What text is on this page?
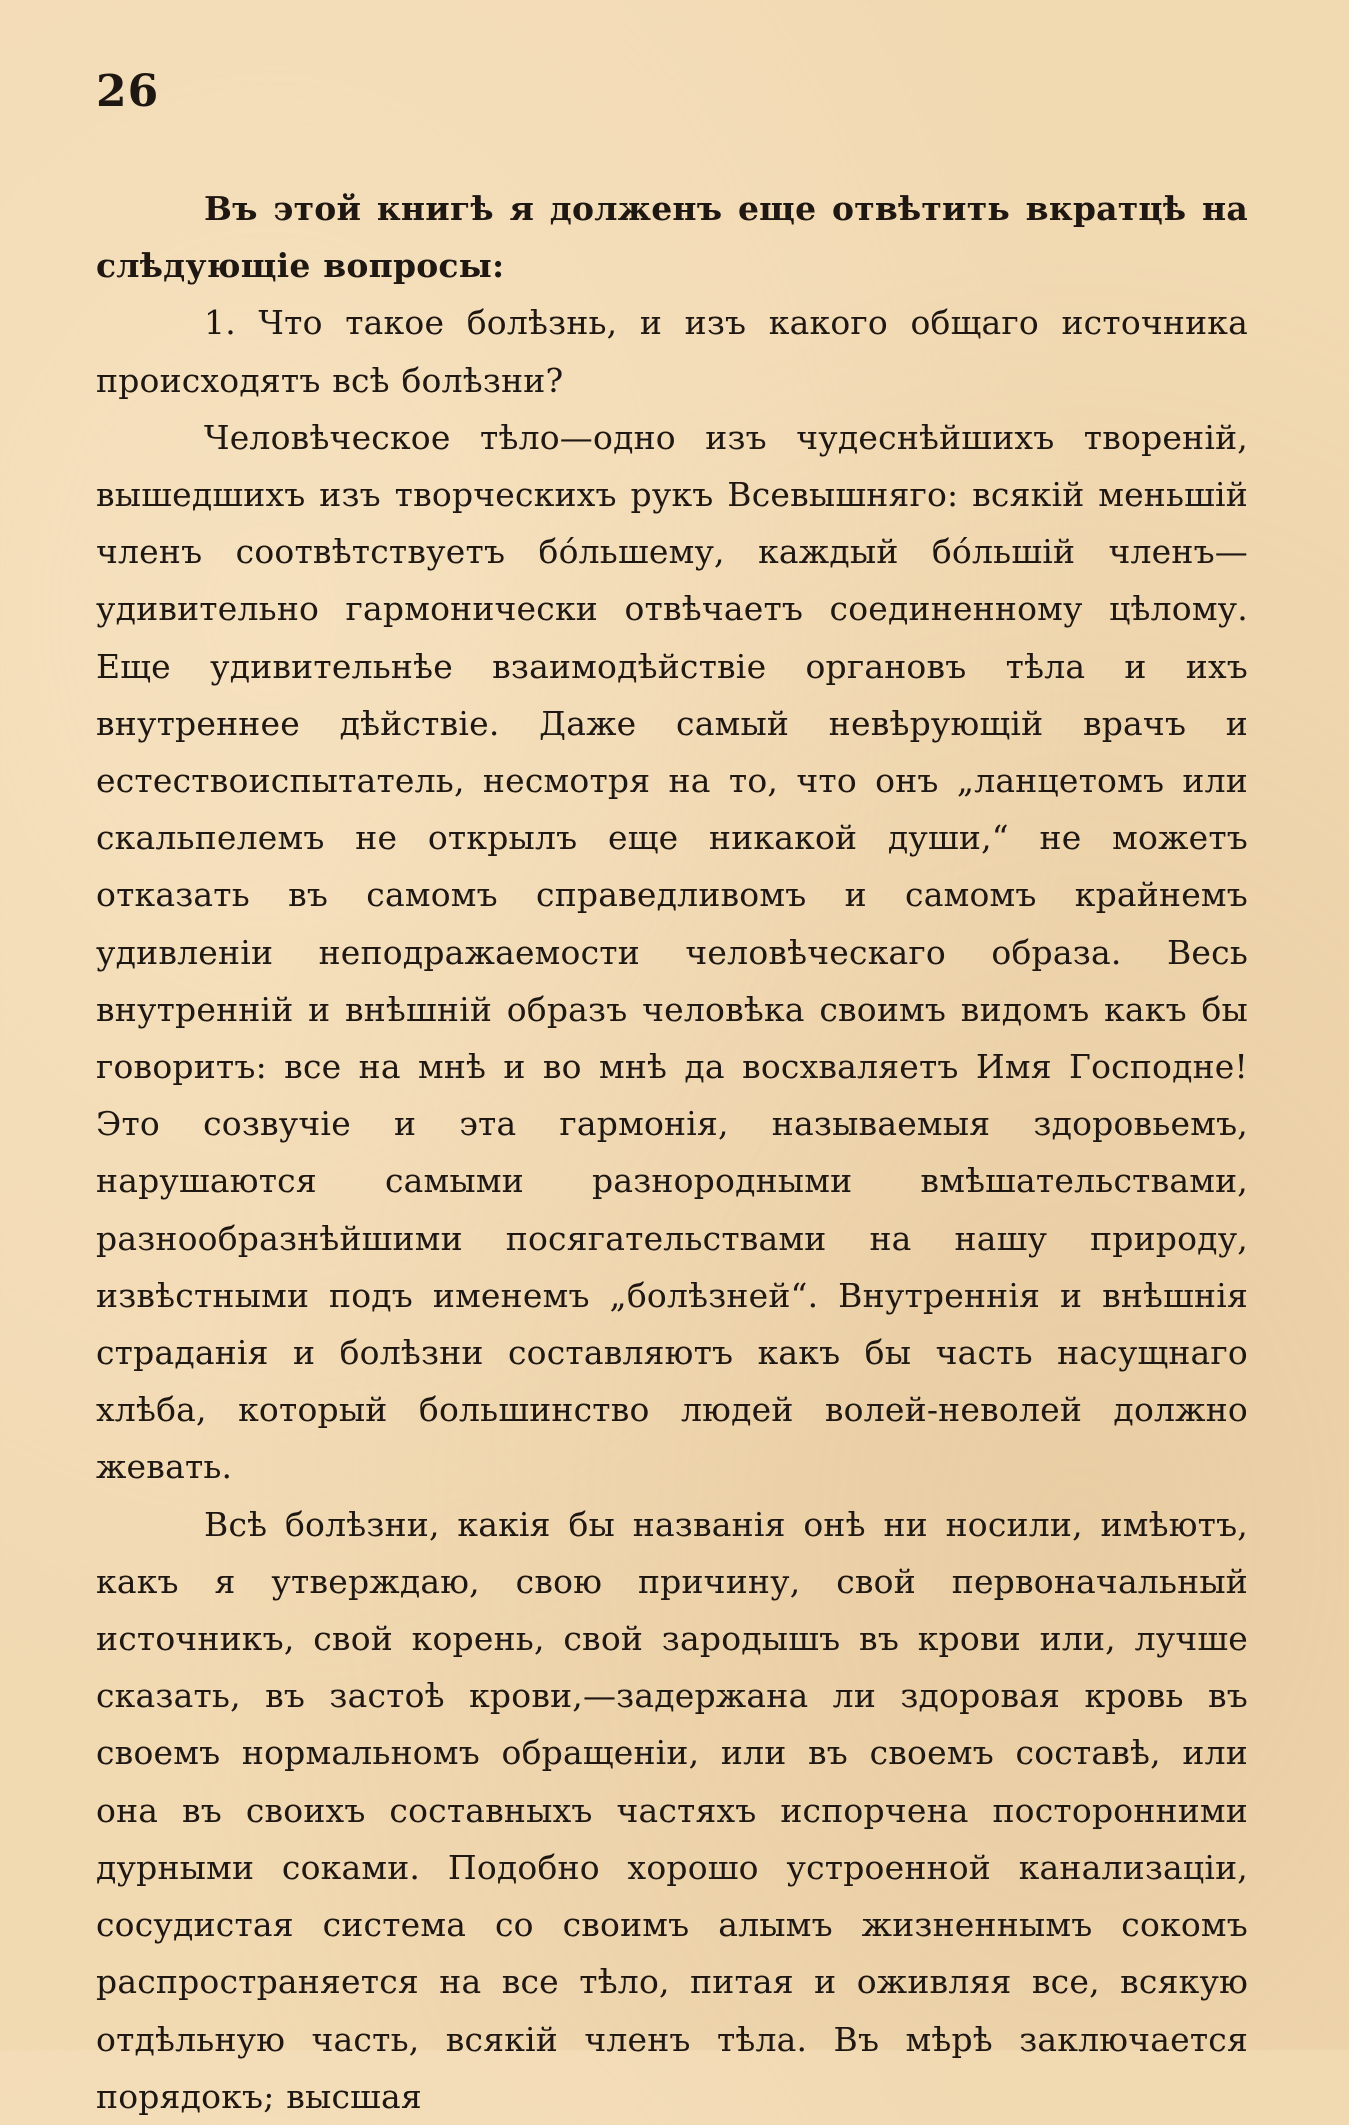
26

Въ этой книгѣ я долженъ еще отвѣтить вкратцѣ на слѣдующіе вопросы:

1. Что такое болѣзнь, и изъ какого общаго источника происходятъ всѣ болѣзни?

Человѣческое тѣло—одно изъ чудеснѣйшихъ твореній, вышедшихъ изъ творческихъ рукъ Всевышняго: всякій меньшій членъ соотвѣтствуетъ бо́льшему, каждый бо́льшій членъ—удивительно гармонически отвѣчаетъ соединенному цѣлому. Еще удивительнѣе взаимодѣйствіе органовъ тѣла и ихъ внутреннее дѣйствіе. Даже самый невѣрующій врачъ и естествоиспытатель, несмотря на то, что онъ „ланцетомъ или скальпелемъ не открылъ еще никакой души,“ не можетъ отказать въ самомъ справедливомъ и самомъ крайнемъ удивленіи неподражаемости человѣческаго образа. Весь внутренній и внѣшній образъ человѣка своимъ видомъ какъ бы говоритъ: все на мнѣ и во мнѣ да восхваляетъ Имя Господне! Это созвучіе и эта гармонія, называемыя здоровьемъ, нарушаются самыми разнородными вмѣшательствами, разнообразнѣйшими посягательствами на нашу природу, извѣстными подъ именемъ „болѣзней“. Внутреннія и внѣшнія страданія и болѣзни составляютъ какъ бы часть насущнаго хлѣба, который большинство людей волей-неволей должно жевать.

Всѣ болѣзни, какія бы названія онѣ ни носили, имѣютъ, какъ я утверждаю, свою причину, свой первоначальный источникъ, свой корень, свой зародышъ въ крови или, лучше сказать, въ застоѣ крови,—задержана ли здоровая кровь въ своемъ нормальномъ обращеніи, или въ своемъ составѣ, или она въ своихъ составныхъ частяхъ испорчена посторонними дурными соками. Подобно хорошо устроенной канализаціи, сосудистая система со своимъ алымъ жизненнымъ сокомъ распространяется на все тѣло, питая и оживляя все, всякую отдѣльную часть, всякій членъ тѣла. Въ мѣрѣ заключается порядокъ; высшая
